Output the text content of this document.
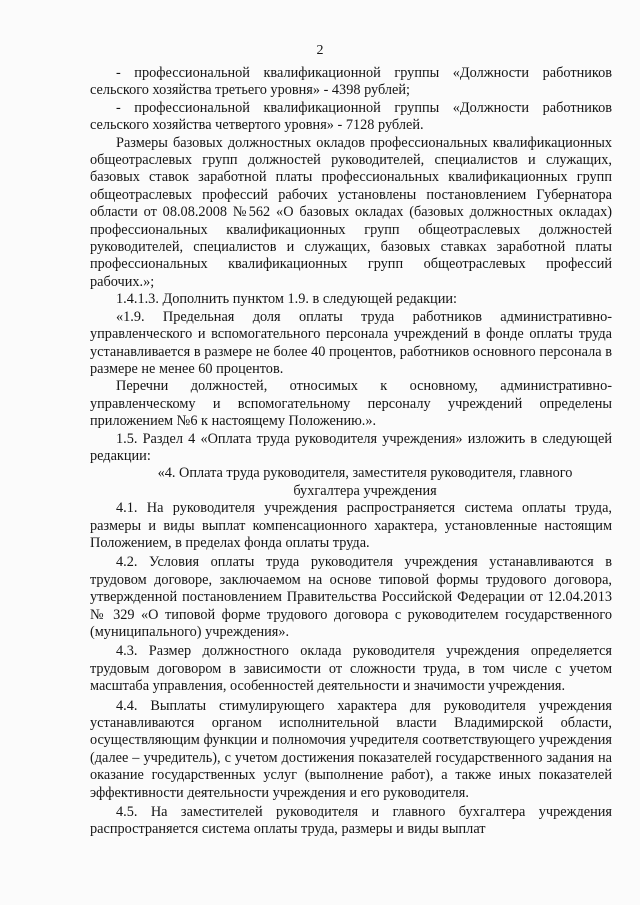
2

- профессиональной квалификационной группы «Должности работников сельского хозяйства третьего уровня» - 4398 рублей;

- профессиональной квалификационной группы «Должности работников сельского хозяйства четвертого уровня» - 7128 рублей.

Размеры базовых должностных окладов профессиональных квалификационных общеотраслевых групп должностей руководителей, специалистов и служащих, базовых ставок заработной платы профессиональных квалификационных групп общеотраслевых профессий рабочих установлены постановлением Губернатора области от 08.08.2008 №562 «О базовых окладах (базовых должностных окладах) профессиональных квалификационных групп общеотраслевых должностей руководителей, специалистов и служащих, базовых ставках заработной платы профессиональных квалификационных групп общеотраслевых профессий рабочих.»;

1.4.1.3. Дополнить пунктом 1.9. в следующей редакции:

«1.9. Предельная доля оплаты труда работников административно-управленческого и вспомогательного персонала учреждений в фонде оплаты труда устанавливается в размере не более 40 процентов, работников основного персонала в размере не менее 60 процентов.

Перечни должностей, относимых к основному, административно-управленческому и вспомогательному персоналу учреждений определены приложением №6 к настоящему Положению.».

1.5. Раздел 4 «Оплата труда руководителя учреждения» изложить в следующей редакции:

«4. Оплата труда руководителя, заместителя руководителя, главного
бухгалтера учреждения

4.1. На руководителя учреждения распространяется система оплаты труда, размеры и виды выплат компенсационного характера, установленные настоящим Положением, в пределах фонда оплаты труда.

4.2. Условия оплаты труда руководителя учреждения устанавливаются в трудовом договоре, заключаемом на основе типовой формы трудового договора, утвержденной постановлением Правительства Российской Федерации от 12.04.2013 № 329 «О типовой форме трудового договора с руководителем государственного (муниципального) учреждения».

4.3. Размер должностного оклада руководителя учреждения определяется трудовым договором в зависимости от сложности труда, в том числе с учетом масштаба управления, особенностей деятельности и значимости учреждения.

4.4. Выплаты стимулирующего характера для руководителя учреждения устанавливаются органом исполнительной власти Владимирской области, осуществляющим функции и полномочия учредителя соответствующего учреждения (далее – учредитель), с учетом достижения показателей государственного задания на оказание государственных услуг (выполнение работ), а также иных показателей эффективности деятельности учреждения и его руководителя.

4.5. На заместителей руководителя и главного бухгалтера учреждения распространяется система оплаты труда, размеры и виды выплат
